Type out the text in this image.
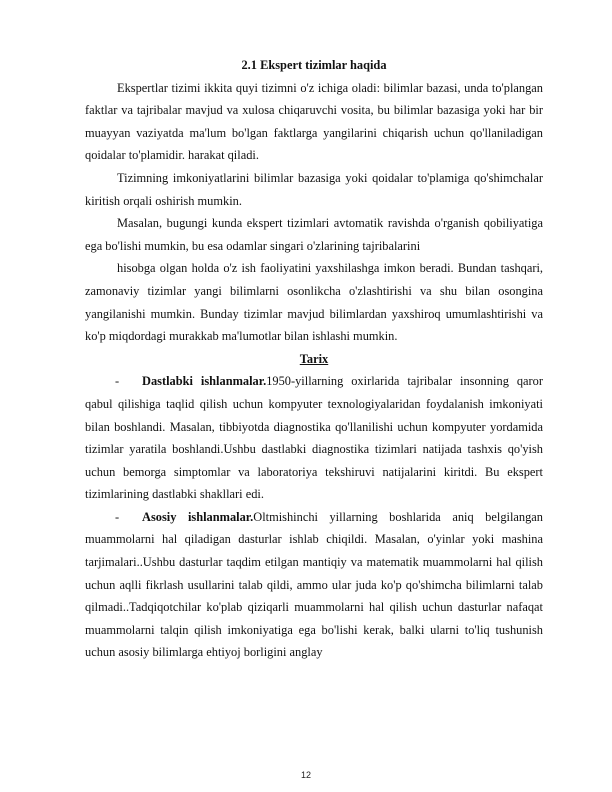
2.1 Ekspert tizimlar haqida

Ekspertlar tizimi ikkita quyi tizimni o'z ichiga oladi: bilimlar bazasi, unda to'plangan faktlar va tajribalar mavjud va xulosa chiqaruvchi vosita, bu bilimlar bazasiga yoki har bir muayyan vaziyatda ma'lum bo'lgan faktlarga yangilarini chiqarish uchun qo'llaniladigan qoidalar to'plamidir. harakat qiladi.

Tizimning imkoniyatlarini bilimlar bazasiga yoki qoidalar to'plamiga qo'shimchalar kiritish orqali oshirish mumkin.

Masalan, bugungi kunda ekspert tizimlari avtomatik ravishda o'rganish qobiliyatiga ega bo'lishi mumkin, bu esa odamlar singari o'zlarining tajribalarini

hisobga olgan holda o'z ish faoliyatini yaxshilashga imkon beradi. Bundan tashqari, zamonaviy tizimlar yangi bilimlarni osonlikcha o'zlashtirishi va shu bilan osongina yangilanishi mumkin. Bunday tizimlar mavjud bilimlardan yaxshiroq umumlashtirishi va ko'p miqdordagi murakkab ma'lumotlar bilan ishlashi mumkin.

Tarix

- Dastlabki ishlanmalar.1950-yillarning oxirlarida tajribalar insonning qaror qabul qilishiga taqlid qilish uchun kompyuter texnologiyalaridan foydalanish imkoniyati bilan boshlandi. Masalan, tibbiyotda diagnostika qo'llanilishi uchun kompyuter yordamida tizimlar yaratila boshlandi.Ushbu dastlabki diagnostika tizimlari natijada tashxis qo'yish uchun bemorga simptomlar va laboratoriya tekshiruvi natijalarini kiritdi. Bu ekspert tizimlarining dastlabki shakllari edi.

- Asosiy ishlanmalar.Oltmishinchi yillarning boshlarida aniq belgilangan muammolarni hal qiladigan dasturlar ishlab chiqildi. Masalan, o'yinlar yoki mashina tarjimalari..Ushbu dasturlar taqdim etilgan mantiqiy va matematik muammolarni hal qilish uchun aqlli fikrlash usullarini talab qildi, ammo ular juda ko'p qo'shimcha bilimlarni talab qilmadi..Tadqiqotchilar ko'plab qiziqarli muammolarni hal qilish uchun dasturlar nafaqat muammolarni talqin qilish imkoniyatiga ega bo'lishi kerak, balki ularni to'liq tushunish uchun asosiy bilimlarga ehtiyoj borligini anglay

12
